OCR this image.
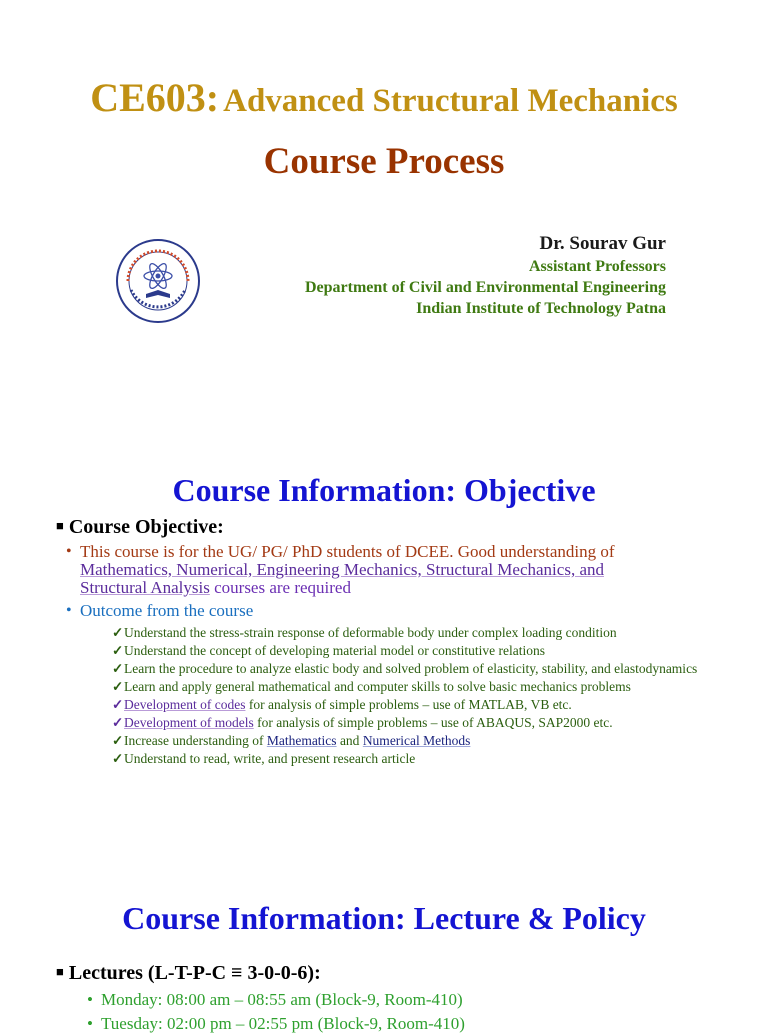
CE603: Advanced Structural Mechanics
Course Process
Dr. Sourav Gur
Assistant Professors
Department of Civil and Environmental Engineering
Indian Institute of Technology Patna
Course Information: Objective
■ Course Objective:
• This course is for the UG/ PG/ PhD students of DCEE. Good understanding of
Mathematics, Numerical, Engineering Mechanics, Structural Mechanics, and
Structural Analysis courses are required
• Outcome from the course
✓ Understand the stress-strain response of deformable body under complex loading condition
✓ Understand the concept of developing material model or constitutive relations
✓ Learn the procedure to analyze elastic body and solved problem of elasticity, stability, and elastodynamics
✓ Learn and apply general mathematical and computer skills to solve basic mechanics problems
✓ Development of codes for analysis of simple problems – use of MATLAB, VB etc.
✓ Development of models for analysis of simple problems – use of ABAQUS, SAP2000 etc.
✓ Increase understanding of Mathematics and Numerical Methods
✓ Understand to read, write, and present research article
Course Information: Lecture & Policy
■ Lectures (L-T-P-C ≡ 3-0-0-6):
• Monday: 08:00 am – 08:55 am (Block-9, Room-410)
• Tuesday: 02:00 pm – 02:55 pm (Block-9, Room-410)
